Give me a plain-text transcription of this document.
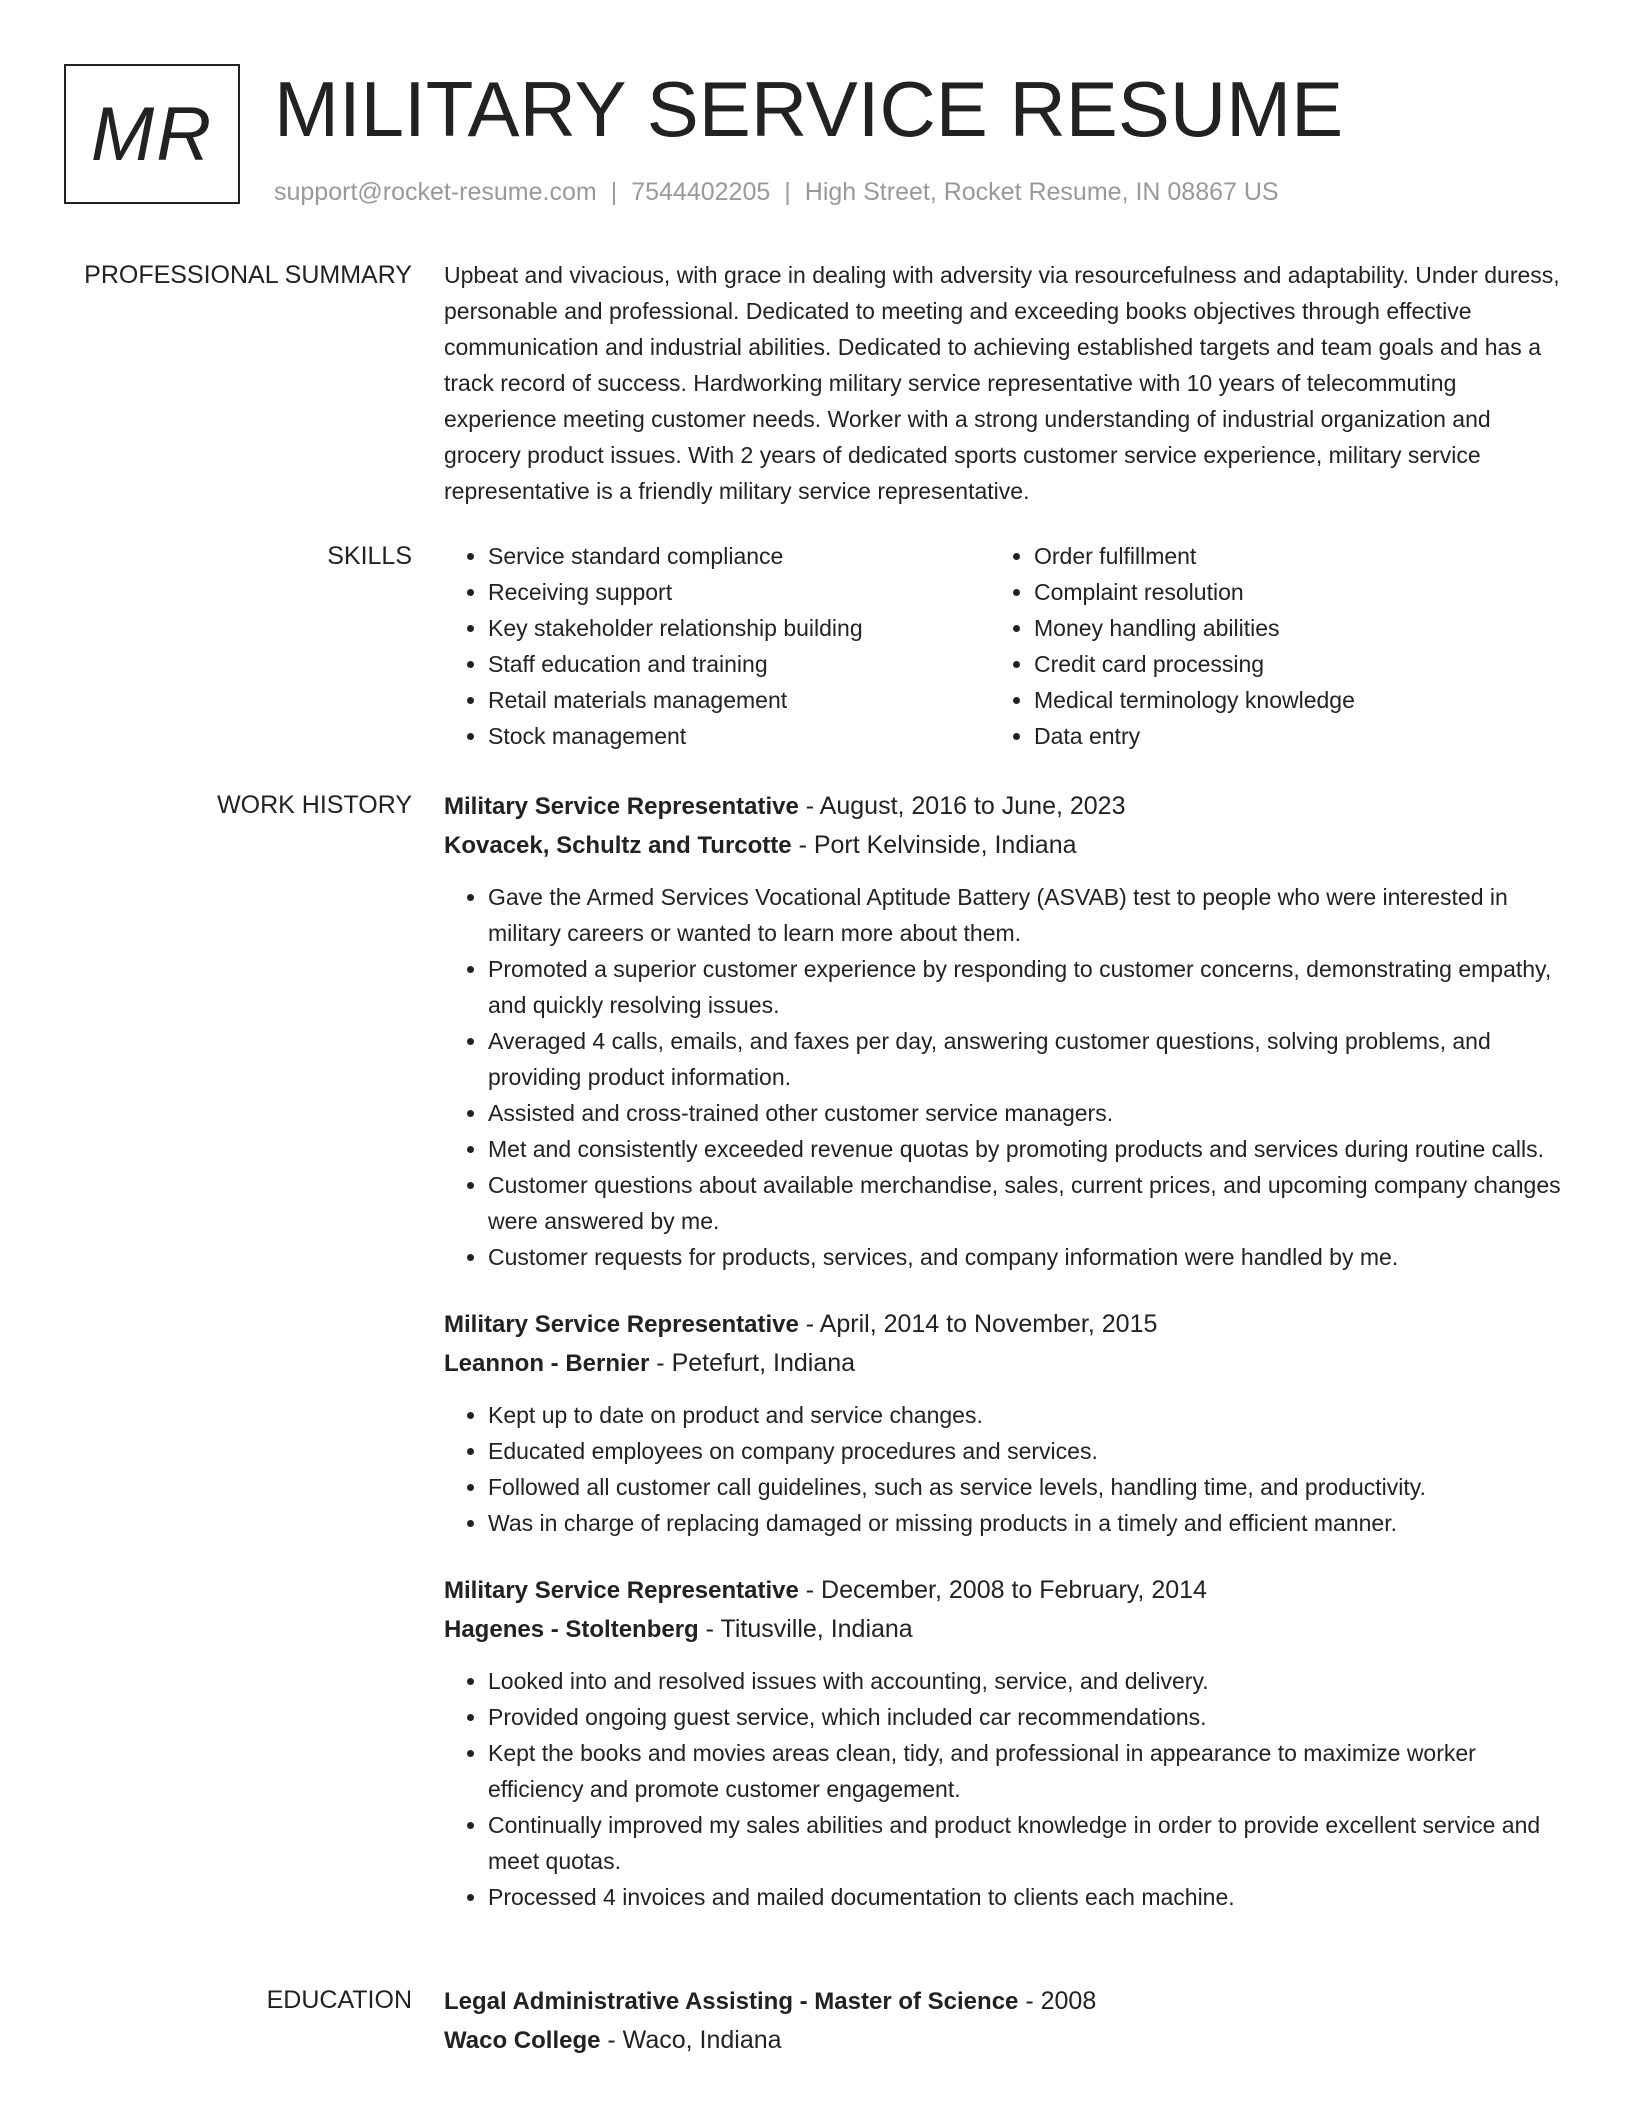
MR MILITARY SERVICE RESUME
support@rocket-resume.com | 7544402205 | High Street, Rocket Resume, IN 08867 US
PROFESSIONAL SUMMARY Upbeat and vivacious, with grace in dealing with adversity via resourcefulness and adaptability. Under duress, personable and professional. Dedicated to meeting and exceeding books objectives through effective communication and industrial abilities. Dedicated to achieving established targets and team goals and has a track record of success. Hardworking military service representative with 10 years of telecommuting experience meeting customer needs. Worker with a strong understanding of industrial organization and grocery product issues. With 2 years of dedicated sports customer service experience, military service representative is a friendly military service representative.

SKILLS
•	Service standard compliance
• Receiving support
• Key stakeholder relationship building
• Staff education and training
• Retail materials management
• Stock management
• Order fulfillment
• Complaint resolution
• Money handling abilities
• Credit card processing
• Medical terminology knowledge
• Data entry
WORK HISTORY Military Service Representative - August, 2016 to June, 2023
Kovacek, Schultz and Turcotte - Port Kelvinside, Indiana
• Gave the Armed Services Vocational Aptitude Battery (ASVAB) test to people who were interested in military careers or wanted to learn more about them.
• Promoted a superior customer experience by responding to customer concerns, demonstrating empathy, and quickly resolving issues.
• Averaged 4 calls, emails, and faxes per day, answering customer questions, solving problems, and providing product information.
• Assisted and cross-trained other customer service managers.
• Met and consistently exceeded revenue quotas by promoting products and services during routine calls.
• Customer questions about available merchandise, sales, current prices, and upcoming company changes were answered by me.
• Customer requests for products, services, and company information were handled by me.
Military Service Representative - April, 2014 to November, 2015
Leannon - Bernier - Petefurt, Indiana
• Kept up to date on product and service changes.
• Educated employees on company procedures and services.
• Followed all customer call guidelines, such as service levels, handling time, and productivity.
• Was in charge of replacing damaged or missing products in a timely and efficient manner.
Military Service Representative - December, 2008 to February, 2014
Hagenes - Stoltenberg - Titusville, Indiana
• Looked into and resolved issues with accounting, service, and delivery.
• Provided ongoing guest service, which included car recommendations.
• Kept the books and movies areas clean, tidy, and professional in appearance to maximize worker efficiency and promote customer engagement.
• Continually improved my sales abilities and product knowledge in order to provide excellent service and meet quotas.
• Processed 4 invoices and mailed documentation to clients each machine.
EDUCATION Legal Administrative Assisting - Master of Science - 2008
Waco College - Waco, Indiana
